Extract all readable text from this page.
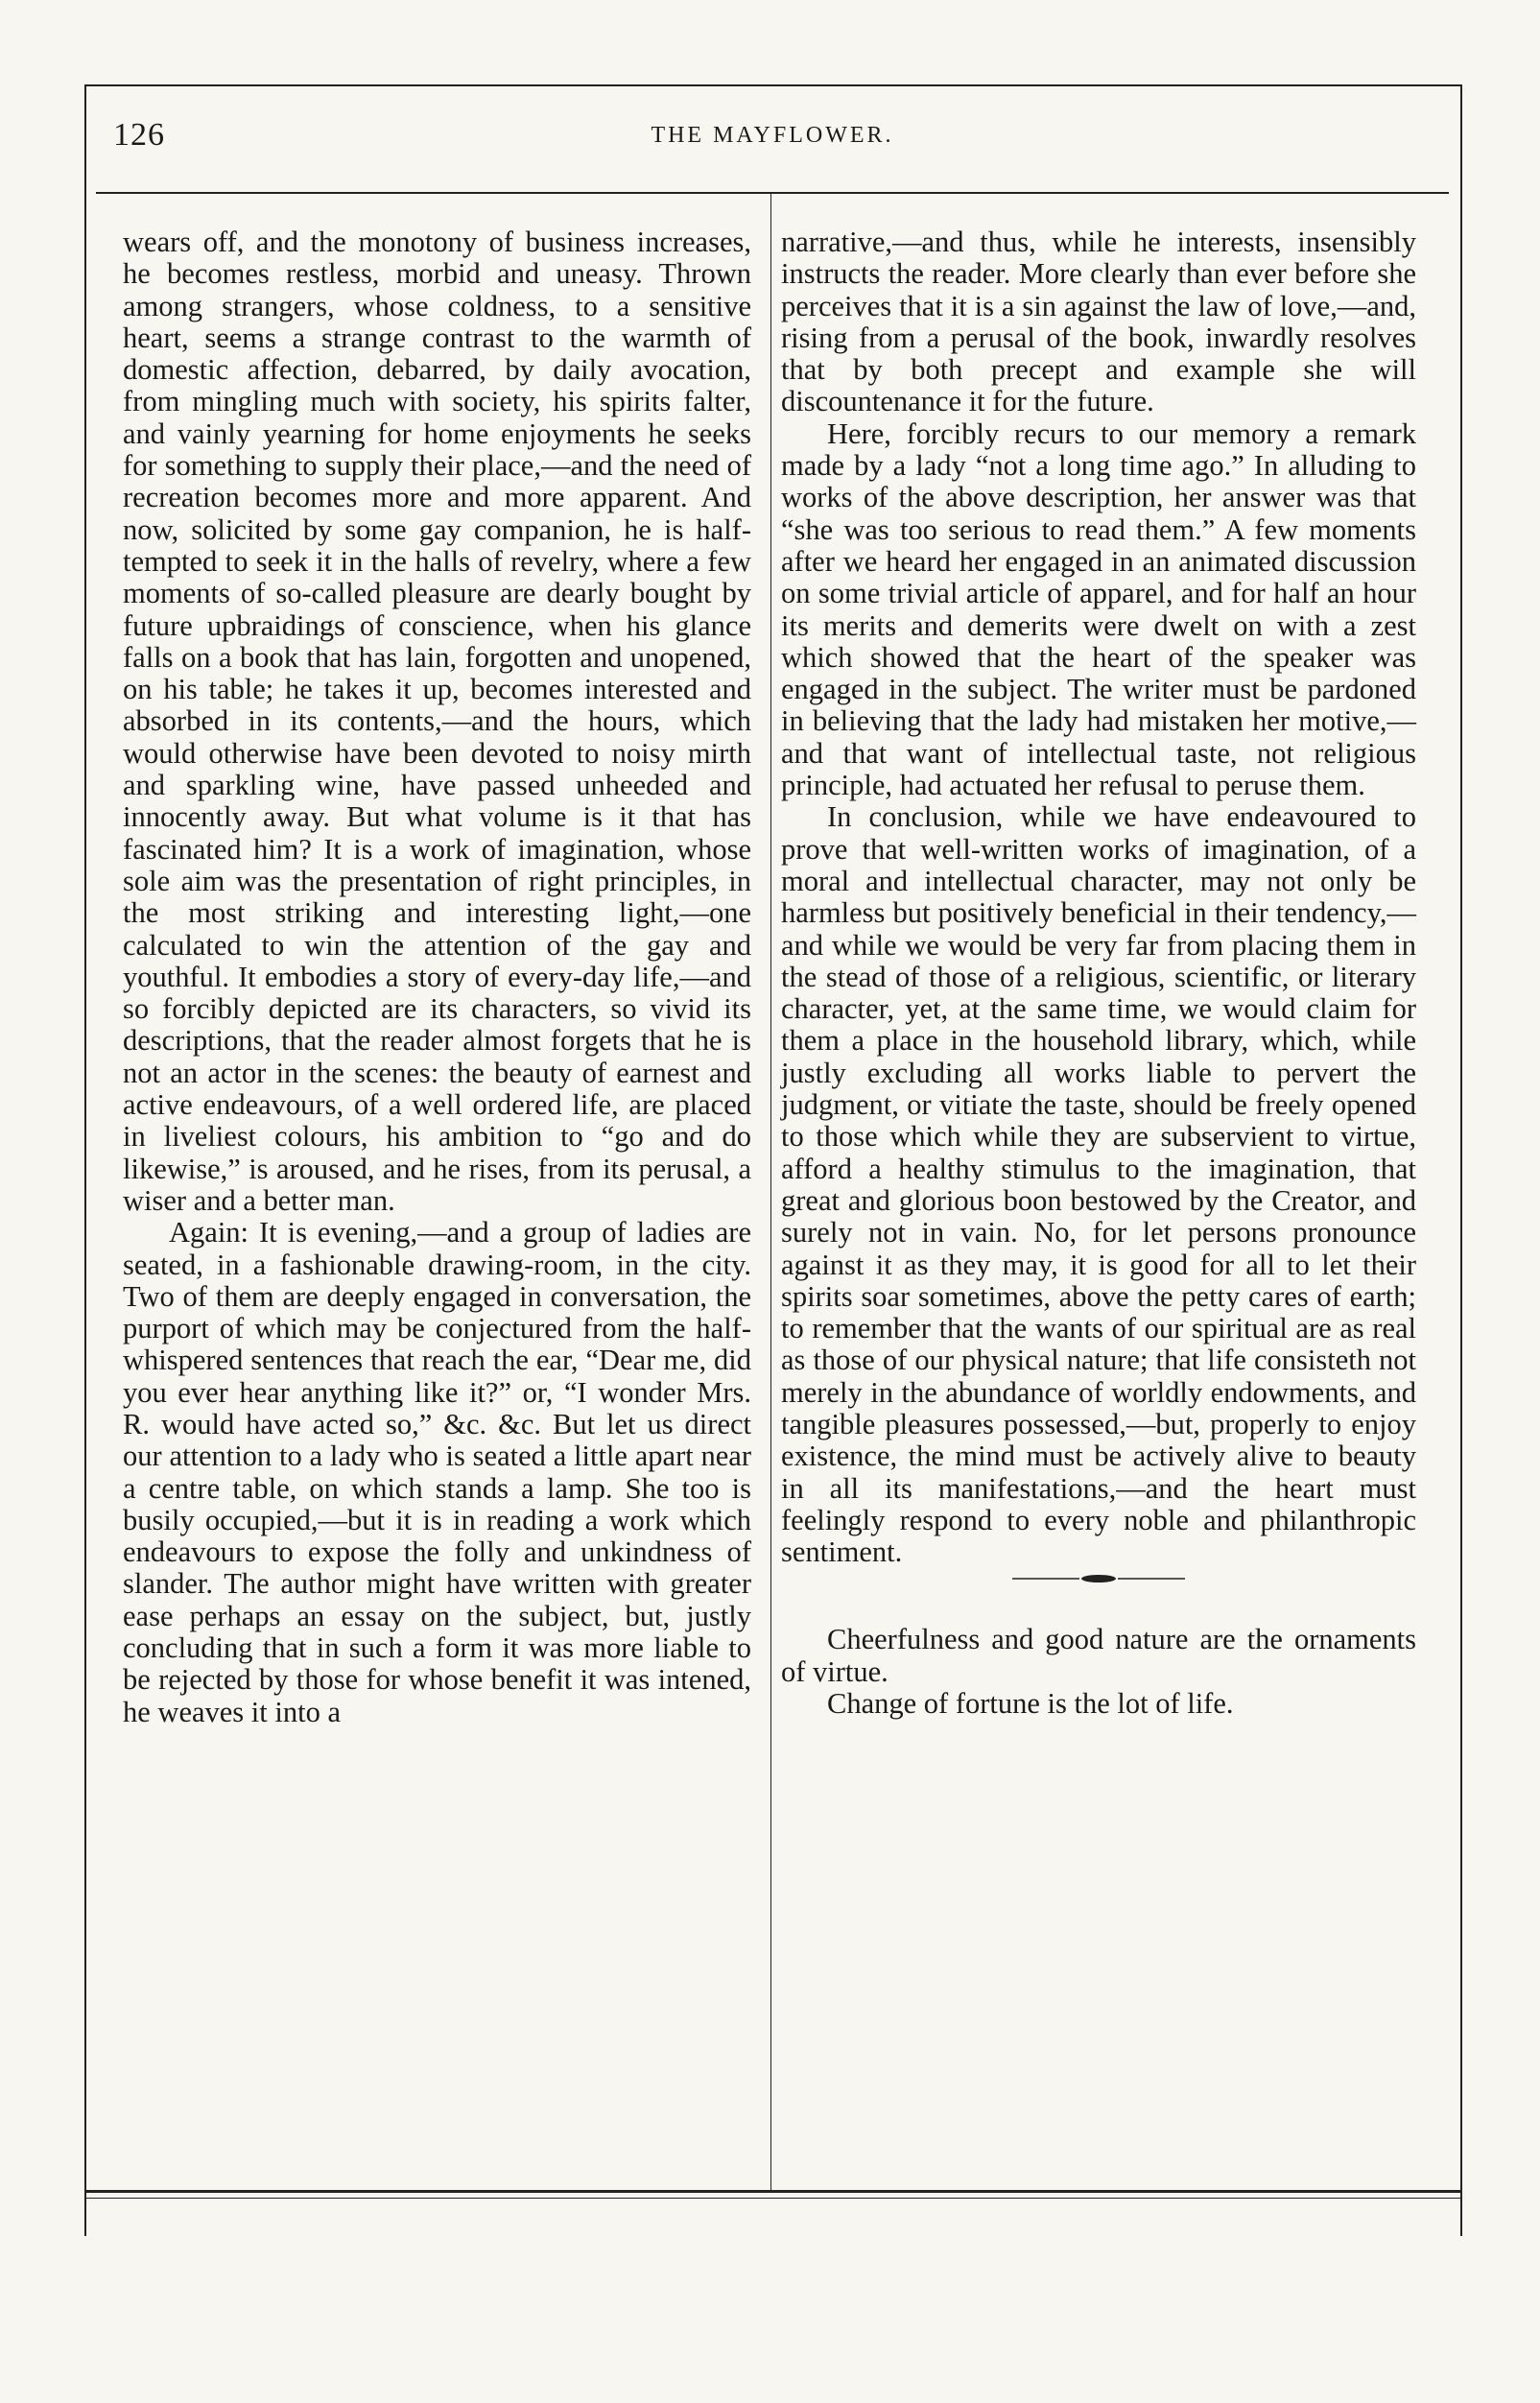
126	THE MAYFLOWER.

wears off, and the monotony of business increases, he becomes restless, morbid and uneasy. Thrown among strangers, whose coldness, to a sensitive heart, seems a strange contrast to the warmth of domestic affection, debarred, by daily avocation, from mingling much with society, his spirits falter, and vainly yearning for home enjoyments he seeks for something to supply their place,—and the need of recreation becomes more and more apparent. And now, solicited by some gay companion, he is half-tempted to seek it in the halls of revelry, where a few moments of so-called pleasure are dearly bought by future upbraidings of conscience, when his glance falls on a book that has lain, forgotten and unopened, on his table; he takes it up, becomes interested and absorbed in its contents,—and the hours, which would otherwise have been devoted to noisy mirth and sparkling wine, have passed unheeded and innocently away. But what volume is it that has fascinated him? It is a work of imagination, whose sole aim was the presentation of right principles, in the most striking and interesting light,—one calculated to win the attention of the gay and youthful. It embodies a story of every-day life,—and so forcibly depicted are its characters, so vivid its descriptions, that the reader almost forgets that he is not an actor in the scenes: the beauty of earnest and active endeavours, of a well ordered life, are placed in liveliest colours, his ambition to “go and do likewise,” is aroused, and he rises, from its perusal, a wiser and a better man.

Again: It is evening,—and a group of ladies are seated, in a fashionable drawing-room, in the city. Two of them are deeply engaged in conversation, the purport of which may be conjectured from the half-whispered sentences that reach the ear, “Dear me, did you ever hear anything like it?” or, “I wonder Mrs. R. would have acted so,” &c. &c. But let us direct our attention to a lady who is seated a little apart near a centre table, on which stands a lamp. She too is busily occupied,—but it is in reading a work which endeavours to expose the folly and unkindness of slander. The author might have written with greater ease perhaps an essay on the subject, but, justly concluding that in such a form it was more liable to be rejected by those for whose benefit it was intened, he weaves it into a

narrative,—and thus, while he interests, insensibly instructs the reader. More clearly than ever before she perceives that it is a sin against the law of love,—and, rising from a perusal of the book, inwardly resolves that by both precept and example she will discountenance it for the future.

Here, forcibly recurs to our memory a remark made by a lady “not a long time ago.” In alluding to works of the above description, her answer was that “she was too serious to read them.” A few moments after we heard her engaged in an animated discussion on some trivial article of apparel, and for half an hour its merits and demerits were dwelt on with a zest which showed that the heart of the speaker was engaged in the subject. The writer must be pardoned in believing that the lady had mistaken her motive,—and that want of intellectual taste, not religious principle, had actuated her refusal to peruse them.

In conclusion, while we have endeavoured to prove that well-written works of imagination, of a moral and intellectual character, may not only be harmless but positively beneficial in their tendency,—and while we would be very far from placing them in the stead of those of a religious, scientific, or literary character, yet, at the same time, we would claim for them a place in the household library, which, while justly excluding all works liable to pervert the judgment, or vitiate the taste, should be freely opened to those which while they are subservient to virtue, afford a healthy stimulus to the imagination, that great and glorious boon bestowed by the Creator, and surely not in vain. No, for let persons pronounce against it as they may, it is good for all to let their spirits soar sometimes, above the petty cares of earth; to remember that the wants of our spiritual are as real as those of our physical nature; that life consisteth not merely in the abundance of worldly endowments, and tangible pleasures possessed,—but, properly to enjoy existence, the mind must be actively alive to beauty in all its manifestations,—and the heart must feelingly respond to every noble and philanthropic sentiment.

Cheerfulness and good nature are the ornaments of virtue.

Change of fortune is the lot of life.
